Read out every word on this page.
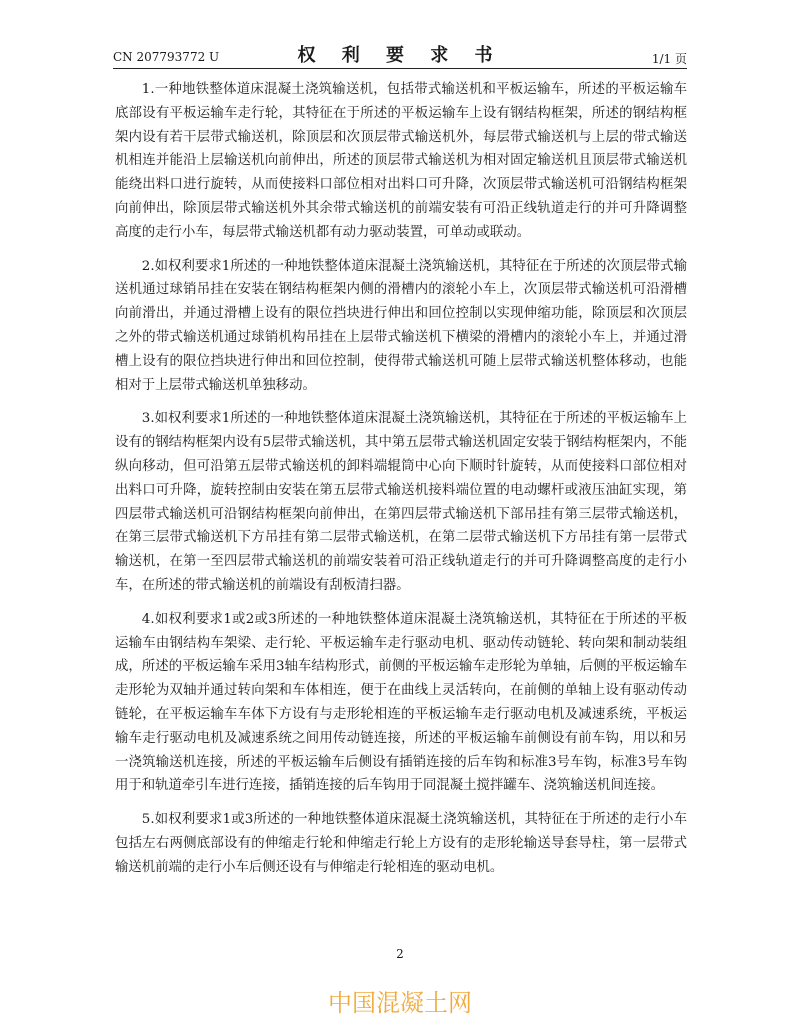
CN 207793772 U	权 利 要 求 书	1/1 页

1.一种地铁整体道床混凝土浇筑输送机，包括带式输送机和平板运输车，所述的平板运输车底部设有平板运输车走行轮，其特征在于所述的平板运输车上设有钢结构框架，所述的钢结构框架内设有若干层带式输送机，除顶层和次顶层带式输送机外，每层带式输送机与上层的带式输送机相连并能沿上层输送机向前伸出，所述的顶层带式输送机为相对固定输送机且顶层带式输送机能绕出料口进行旋转，从而使接料口部位相对出料口可升降，次顶层带式输送机可沿钢结构框架向前伸出，除顶层带式输送机外其余带式输送机的前端安装有可沿正线轨道走行的并可升降调整高度的走行小车，每层带式输送机都有动力驱动装置，可单动或联动。

2.如权利要求1所述的一种地铁整体道床混凝土浇筑输送机，其特征在于所述的次顶层带式输送机通过球销吊挂在安装在钢结构框架内侧的滑槽内的滚轮小车上，次顶层带式输送机可沿滑槽向前滑出，并通过滑槽上设有的限位挡块进行伸出和回位控制以实现伸缩功能，除顶层和次顶层之外的带式输送机通过球销机构吊挂在上层带式输送机下横梁的滑槽内的滚轮小车上，并通过滑槽上设有的限位挡块进行伸出和回位控制，使得带式输送机可随上层带式输送机整体移动，也能相对于上层带式输送机单独移动。

3.如权利要求1所述的一种地铁整体道床混凝土浇筑输送机，其特征在于所述的平板运输车上设有的钢结构框架内设有5层带式输送机，其中第五层带式输送机固定安装于钢结构框架内，不能纵向移动，但可沿第五层带式输送机的卸料端辊筒中心向下顺时针旋转，从而使接料口部位相对出料口可升降，旋转控制由安装在第五层带式输送机接料端位置的电动螺杆或液压油缸实现，第四层带式输送机可沿钢结构框架向前伸出，在第四层带式输送机下部吊挂有第三层带式输送机，在第三层带式输送机下方吊挂有第二层带式输送机，在第二层带式输送机下方吊挂有第一层带式输送机，在第一至四层带式输送机的前端安装着可沿正线轨道走行的并可升降调整高度的走行小车，在所述的带式输送机的前端设有刮板清扫器。

4.如权利要求1或2或3所述的一种地铁整体道床混凝土浇筑输送机，其特征在于所述的平板运输车由钢结构车架梁、走行轮、平板运输车走行驱动电机、驱动传动链轮、转向架和制动装组成，所述的平板运输车采用3轴车结构形式，前侧的平板运输车走形轮为单轴，后侧的平板运输车走形轮为双轴并通过转向架和车体相连，便于在曲线上灵活转向，在前侧的单轴上设有驱动传动链轮，在平板运输车车体下方设有与走形轮相连的平板运输车走行驱动电机及减速系统，平板运输车走行驱动电机及减速系统之间用传动链连接，所述的平板运输车前侧设有前车钩，用以和另一浇筑输送机连接，所述的平板运输车后侧设有插销连接的后车钩和标准3号车钩，标准3号车钩用于和轨道牵引车进行连接，插销连接的后车钩用于同混凝土搅拌罐车、浇筑输送机间连接。

5.如权利要求1或3所述的一种地铁整体道床混凝土浇筑输送机，其特征在于所述的走行小车包括左右两侧底部设有的伸缩走行轮和伸缩走行轮上方设有的走形轮输送导套导柱，第一层带式输送机前端的走行小车后侧还设有与伸缩走行轮相连的驱动电机。

2
中国混凝土网
